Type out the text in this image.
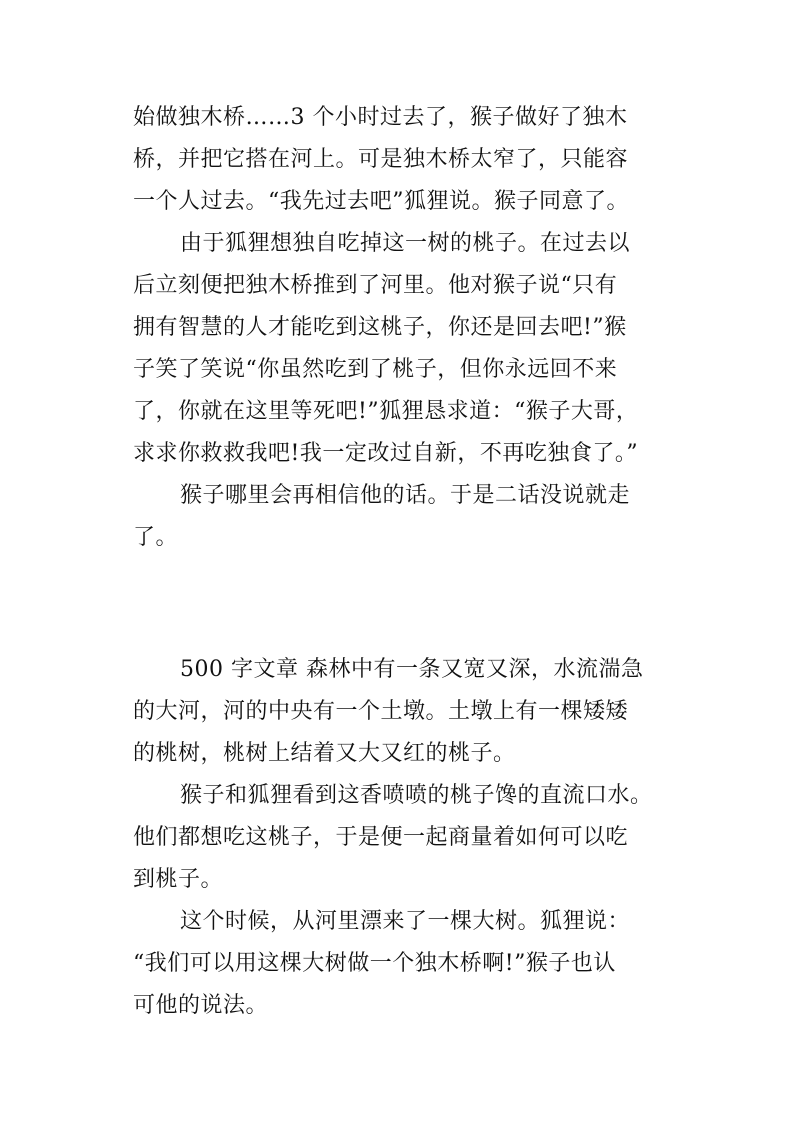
始做独木桥……3 个小时过去了，猴子做好了独木
桥，并把它搭在河上。可是独木桥太窄了，只能容
一个人过去。“我先过去吧”狐狸说。猴子同意了。
由于狐狸想独自吃掉这一树的桃子。在过去以
后立刻便把独木桥推到了河里。他对猴子说“只有
拥有智慧的人才能吃到这桃子，你还是回去吧!”猴
子笑了笑说“你虽然吃到了桃子，但你永远回不来
了，你就在这里等死吧!”狐狸恳求道：“猴子大哥，
求求你救救我吧!我一定改过自新，不再吃独食了。”
猴子哪里会再相信他的话。于是二话没说就走
了。
500 字文章 森林中有一条又宽又深，水流湍急
的大河，河的中央有一个土墩。土墩上有一棵矮矮
的桃树，桃树上结着又大又红的桃子。
猴子和狐狸看到这香喷喷的桃子馋的直流口水。
他们都想吃这桃子，于是便一起商量着如何可以吃
到桃子。
这个时候，从河里漂来了一棵大树。狐狸说：
“我们可以用这棵大树做一个独木桥啊!”猴子也认
可他的说法。
